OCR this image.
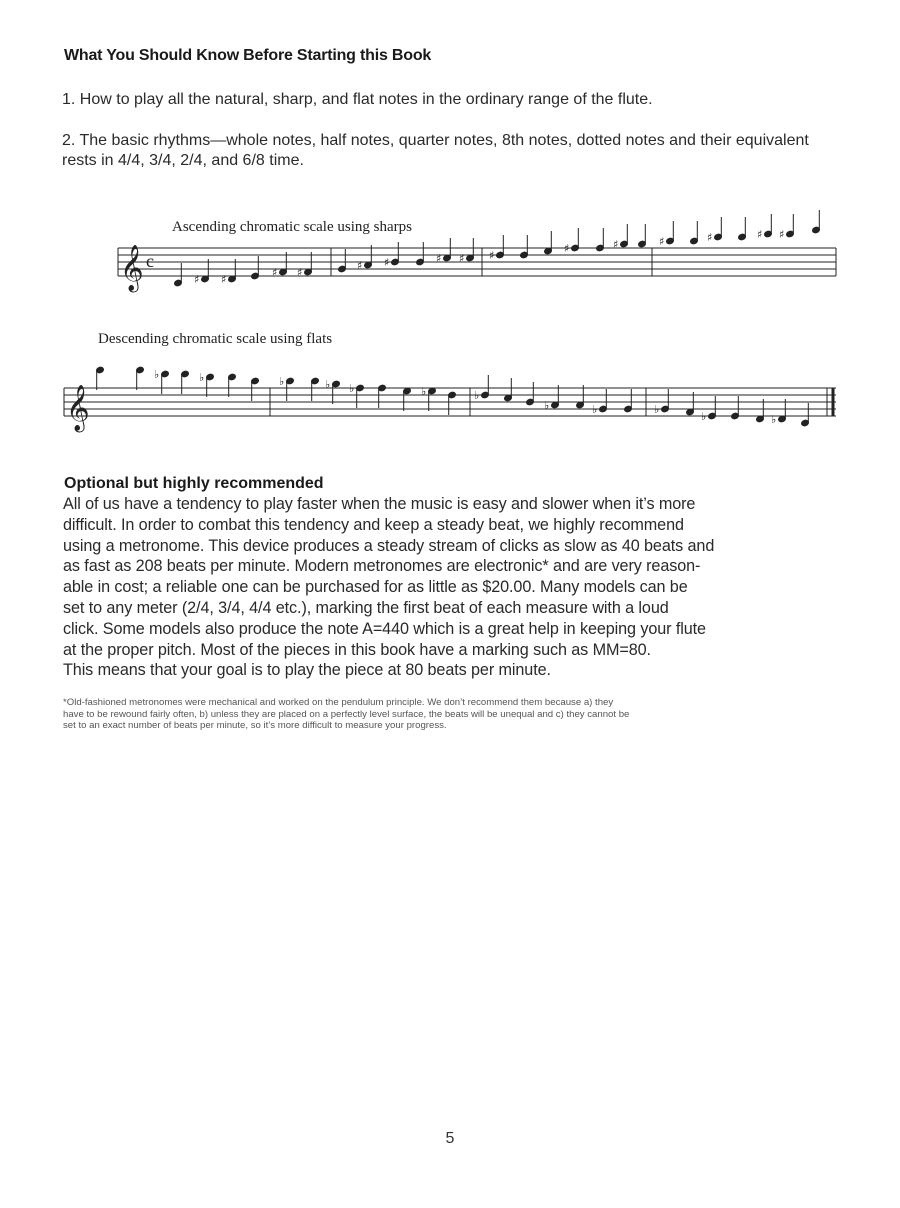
What You Should Know Before Starting this Book

1. How to play all the natural, sharp, and flat notes in the ordinary range of the flute.

2. The basic rhythms—whole notes, half notes, quarter notes, 8th notes, dotted notes and their equivalent rests in 4/4, 3/4, 2/4, and 6/8 time.

Ascending chromatic scale using sharps
Descending chromatic scale using flats
𝄞 c
♯ ♯
♯ ♯
♯ ♯	♯ ♯ ♯
♯	♯	♯	♯	♯ ♯
𝄞
♭	♭	♭	♭ ♭	♭	♭
♭	♭	♭
♭	♭
Optional but highly recommended
All of us have a tendency to play faster when the music is easy and slower when it’s more
difficult. In order to combat this tendency and keep a steady beat, we highly recommend
using a metronome. This device produces a steady stream of clicks as slow as 40 beats and
as fast as 208 beats per minute. Modern metronomes are electronic* and are very reason-
able in cost; a reliable one can be purchased for as little as $20.00. Many models can be
set to any meter (2/4, 3/4, 4/4 etc.), marking the first beat of each measure with a loud
click. Some models also produce the note A=440 which is a great help in keeping your flute
at the proper pitch. Most of the pieces in this book have a marking such as MM=80.
This means that your goal is to play the piece at 80 beats per minute.
*Old-fashioned metronomes were mechanical and worked on the pendulum principle. We don’t recommend them because a) they
have to be rewound fairly often, b) unless they are placed on a perfectly level surface, the beats will be unequal and c) they cannot be
set to an exact number of beats per minute, so it’s more difficult to measure your progress.

5
